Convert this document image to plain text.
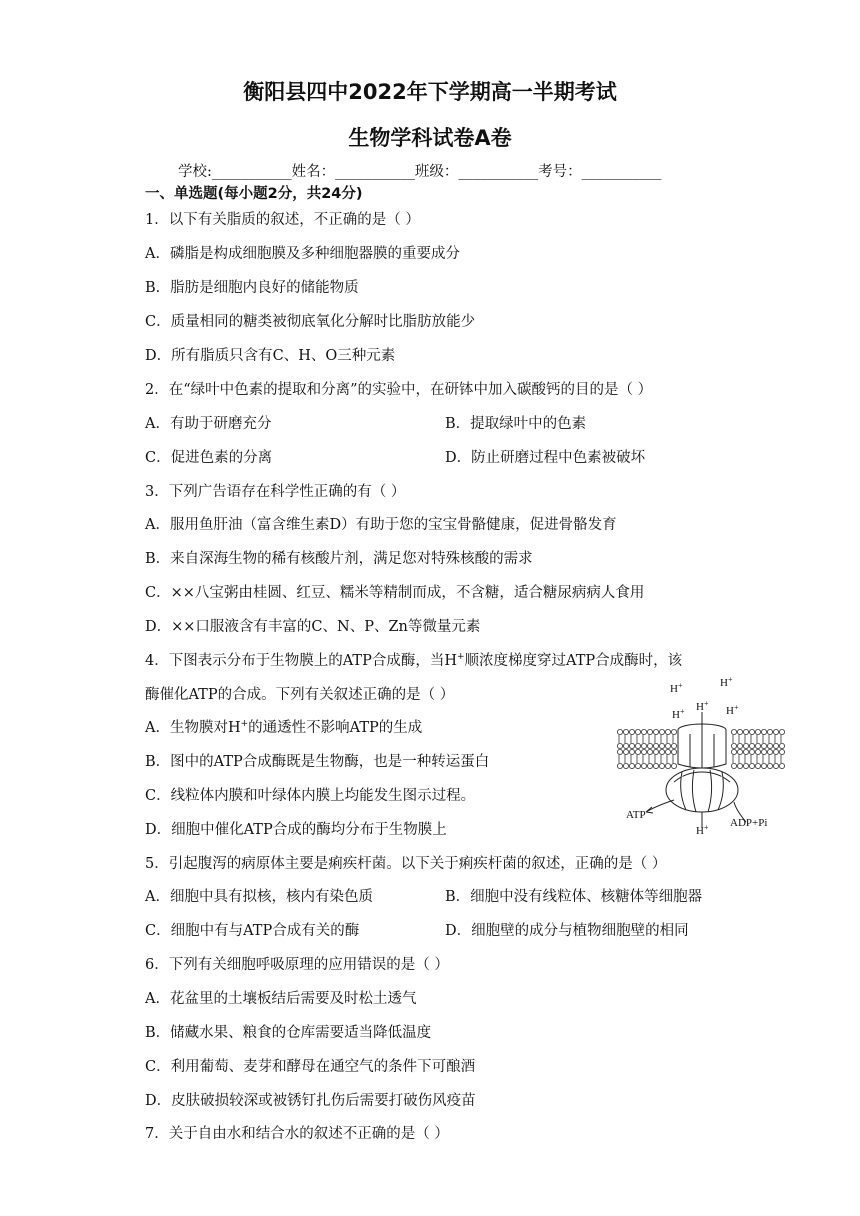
衡阳县四中2022年下学期高一半期考试
生物学科试卷A卷
学校:___________姓名：___________班级：___________考号：___________
一、单选题(每小题2分，共24分)
1．以下有关脂质的叙述，不正确的是（ ）
A．磷脂是构成细胞膜及多种细胞器膜的重要成分
B．脂肪是细胞内良好的储能物质
C．质量相同的糖类被彻底氧化分解时比脂肪放能少
D．所有脂质只含有C、H、O三种元素
2．在“绿叶中色素的提取和分离”的实验中，在研钵中加入碳酸钙的目的是（ ）
A．有助于研磨充分	B．提取绿叶中的色素
C．促进色素的分离	D．防止研磨过程中色素被破坏
3．下列广告语存在科学性正确的有（ ）
A．服用鱼肝油（富含维生素D）有助于您的宝宝骨骼健康，促进骨骼发育
B．来自深海生物的稀有核酸片剂，满足您对特殊核酸的需求
C．××八宝粥由桂圆、红豆、糯米等精制而成，不含糖，适合糖尿病病人食用
D．××口服液含有丰富的C、N、P、Zn等微量元素
4．下图表示分布于生物膜上的ATP合成酶，当H+顺浓度梯度穿过ATP合成酶时，该
酶催化ATP的合成。下列有关叙述正确的是（ ）
A．生物膜对H+的通透性不影响ATP的生成
B．图中的ATP合成酶既是生物酶，也是一种转运蛋白
C．线粒体内膜和叶绿体内膜上均能发生图示过程。
D．细胞中催化ATP合成的酶均分布于生物膜上
H+	H+
H+ H+
H+
H+
ATP
ADP+Pi
5．引起腹泻的病原体主要是痢疾杆菌。以下关于痢疾杆菌的叙述，正确的是（ ）
A．细胞中具有拟核，核内有染色质	B．细胞中没有线粒体、核糖体等细胞器
C．细胞中有与ATP合成有关的酶	D．细胞壁的成分与植物细胞壁的相同
6．下列有关细胞呼吸原理的应用错误的是（ ）
A．花盆里的土壤板结后需要及时松土透气
B．储藏水果、粮食的仓库需要适当降低温度
C．利用葡萄、麦芽和酵母在通空气的条件下可酿酒
D．皮肤破损较深或被锈钉扎伤后需要打破伤风疫苗
7．关于自由水和结合水的叙述不正确的是（ ）
